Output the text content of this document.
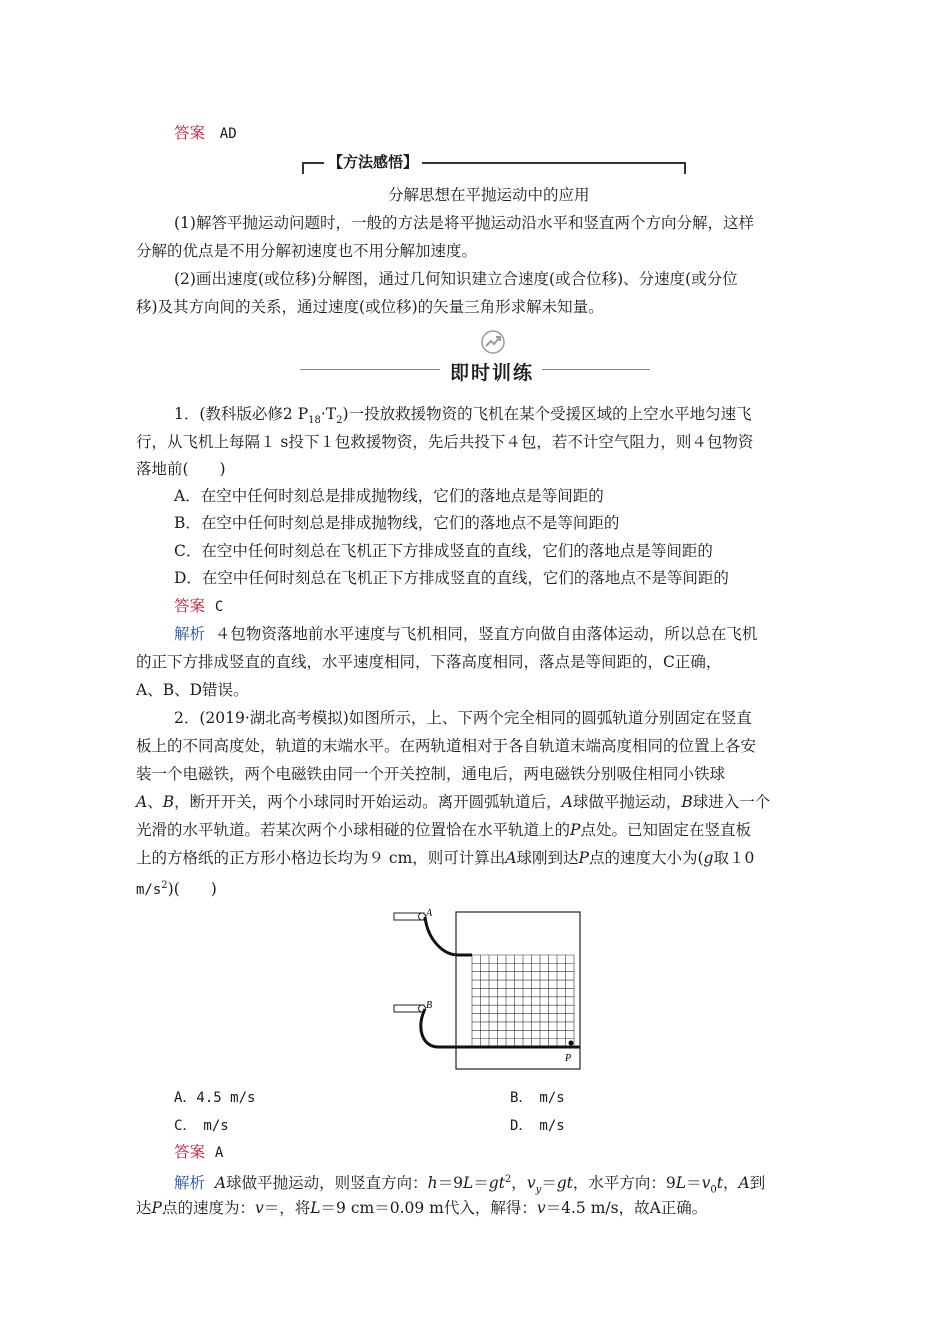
答案 AD
【方法感悟】
分解思想在平抛运动中的应用
(1)解答平抛运动问题时，一般的方法是将平抛运动沿水平和竖直两个方向分解，这样
分解的优点是不用分解初速度也不用分解加速度。
(2)画出速度(或位移)分解图，通过几何知识建立合速度(或合位移)、分速度(或分位
移)及其方向间的关系，通过速度(或位移)的矢量三角形求解未知量。
即时训练
1．(教科版必修2 $P_{18}\cdot T_2$)一投放救援物资的飞机在某个受援区域的上空水平地匀速飞
行，从飞机上每隔１ s投下１包救援物资，先后共投下４包，若不计空气阻力，则４包物资
落地前(　　)
A．在空中任何时刻总是排成抛物线，它们的落地点是等间距的
B．在空中任何时刻总是排成抛物线，它们的落地点不是等间距的
C．在空中任何时刻总在飞机正下方排成竖直的直线，它们的落地点是等间距的
D．在空中任何时刻总在飞机正下方排成竖直的直线，它们的落地点不是等间距的
答案 C
解析 ４包物资落地前水平速度与飞机相同，竖直方向做自由落体运动，所以总在飞机
的正下方排成竖直的直线，水平速度相同，下落高度相同，落点是等间距的，C正确，
A、B、D错误。
2．(2019·湖北高考模拟)如图所示，上、下两个完全相同的圆弧轨道分别固定在竖直
板上的不同高度处，轨道的末端水平。在两轨道相对于各自轨道末端高度相同的位置上各安
装一个电磁铁，两个电磁铁由同一个开关控制，通电后，两电磁铁分别吸住相同小铁球
A、B，断开开关，两个小球同时开始运动。离开圆弧轨道后，A球做平抛运动，B球进入一个
光滑的水平轨道。若某次两个小球相碰的位置恰在水平轨道上的P点处。已知固定在竖直板
上的方格纸的正方形小格边长均为９ cm，则可计算出A球刚到达P点的速度大小为(g取１0
$m/s^2$)(　　)
A
B
P
A．4.5 m/s	B．　m/s
C．　m/s	D．　m/s
答案 A
解析 A球做平抛运动，则竖直方向：$h=9L=gt^2$，$v_y=gt$，水平方向：$9L=v_0t$，A到
达P点的速度为：v＝，将L＝9 cm＝0.09 m代入，解得：v＝4.5 m/s，故A正确。
